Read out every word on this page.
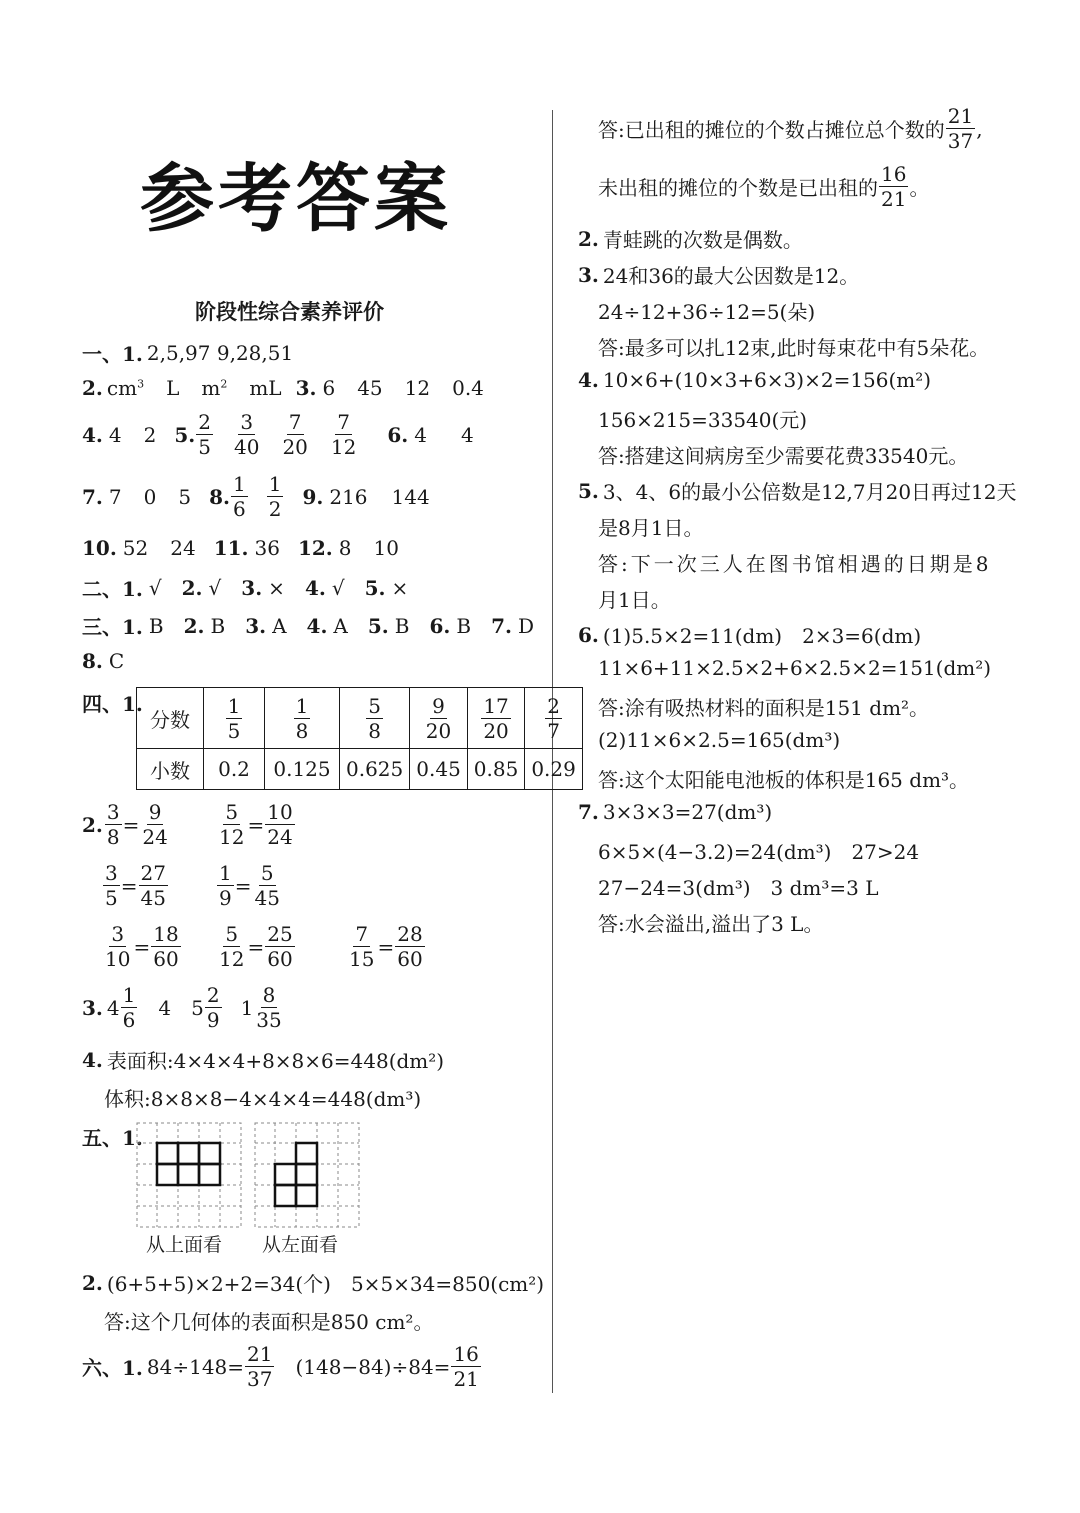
参考答案
阶段性综合素养评价
一、1. 2,5,97 9,28,51
2. $cm^3$ L $m^2$ mL 3. 6 45 12 0.4
4. 4 2 5. $\frac{2}{5} \frac{3}{40} \frac{7}{20} \frac{7}{12} 6$. 4 4
7. 7 0 5 8. $\frac{1}{6} \frac{1}{2} 9$. 216 144
10. 52 24 11. 36 12. 8 10
二、1. √ 2. √ 3. × 4. √ 5. ×
三、1. B 2. B 3. A 4. A 5. B 6. B 7. D
8. C
四、1.
分数	$\frac{1}{5}$	$\frac{1}{8}$	$\frac{5}{8}$	$\frac{9}{20}$	$\frac{17}{20}$	$\frac{2}{7}$

小数	0.2	0.125	0.625	0.45	0.85	0.29
2. $\frac{3}{8} = \frac{9}{24} \frac{5}{12} = \frac{10}{24}$
$\frac{3}{5} = \frac{27}{45} \frac{1}{9} = \frac{5}{45}$
$\frac{3}{10} = \frac{18}{60} \frac{5}{12} = \frac{25}{60}$	$\frac{7}{15} = \frac{28}{60}$
3. $4 \frac{1}{6} 4$ $5 \frac{2}{9} 1 \frac{8}{35}$
4. 表面积:4×4×4+8×8×6=448(dm²)
体积:8×8×8−4×4×4=448(dm³)
五、1.
从上面看 从左面看
2. (6+5+5)×2+2=34(个)　5×5×34=850(cm²)
答:这个几何体的表面积是850 cm²。
六、1. $84\div 148= \frac{21}{37} (148-84)\div 84= \frac{16}{21}$
答:已出租的摊位的个数占摊位总个数的 $\frac{21}{37}$ ,
未出租的摊位的个数是已出租的 $\frac{16}{21}$ 。
2. 青蛙跳的次数是偶数。
3. 24和36的最大公因数是12。
24÷12+36÷12=5(朵)
答:最多可以扎12束,此时每束花中有5朵花。
4. 10×6+(10×3+6×3)×2=156(m²)
156×215=33540(元)
答:搭建这间病房至少需要花费33540元。
5. 3、4、6的最小公倍数是12,7月20日再过12天
是8月1日。
答:下一次三人在图书馆相遇的日期是8
月1日。
6. (1)5.5×2=11(dm)　2×3=6(dm)
11×6+11×2.5×2+6×2.5×2=151(dm²)
答:涂有吸热材料的面积是151 dm²。
(2)11×6×2.5=165(dm³)
答:这个太阳能电池板的体积是165 dm³。
7. 3×3×3=27(dm³)
6×5×(4−3.2)=24(dm³)　27>24
27−24=3(dm³)　3 dm³=3 L
答:水会溢出,溢出了3 L。
